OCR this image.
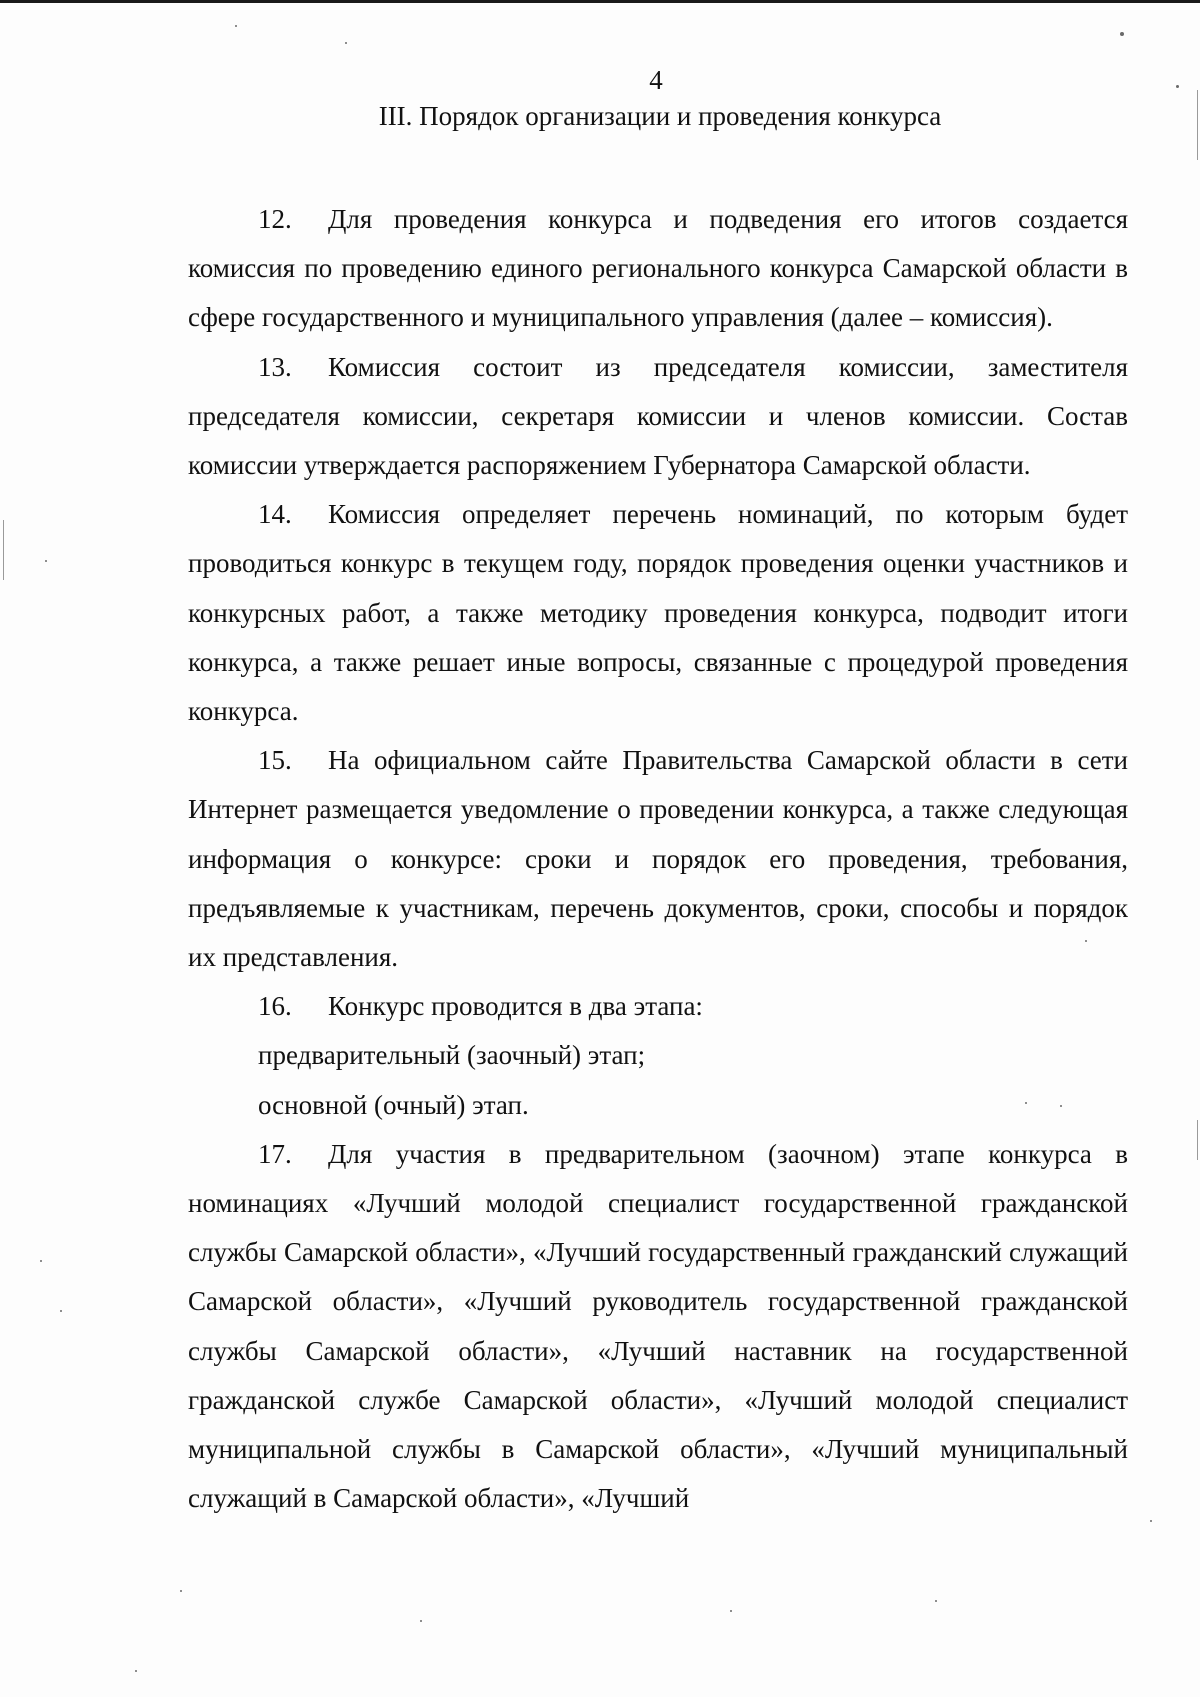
4
III. Порядок организации и проведения конкурса

12. Для проведения конкурса и подведения его итогов создается комиссия по проведению единого регионального конкурса Самарской области в сфере государственного и муниципального управления (далее – комиссия).

13. Комиссия состоит из председателя комиссии, заместителя председателя комиссии, секретаря комиссии и членов комиссии. Состав комиссии утверждается распоряжением Губернатора Самарской области.

14. Комиссия определяет перечень номинаций, по которым будет проводиться конкурс в текущем году, порядок проведения оценки участников и конкурсных работ, а также методику проведения конкурса, подводит итоги конкурса, а также решает иные вопросы, связанные с процедурой проведения конкурса.

15. На официальном сайте Правительства Самарской области в сети Интернет размещается уведомление о проведении конкурса, а также следующая информация о конкурсе: сроки и порядок его проведения, требования, предъявляемые к участникам, перечень документов, сроки, способы и порядок их представления.

16. Конкурс проводится в два этапа:

предварительный (заочный) этап;

основной (очный) этап.

17. Для участия в предварительном (заочном) этапе конкурса в номинациях «Лучший молодой специалист государственной гражданской службы Самарской области», «Лучший государственный гражданский служащий Самарской области», «Лучший руководитель государственной гражданской службы Самарской области», «Лучший наставник на государственной гражданской службе Самарской области», «Лучший молодой специалист муниципальной службы в Самарской области», «Лучший муниципальный служащий в Самарской области», «Лучший
